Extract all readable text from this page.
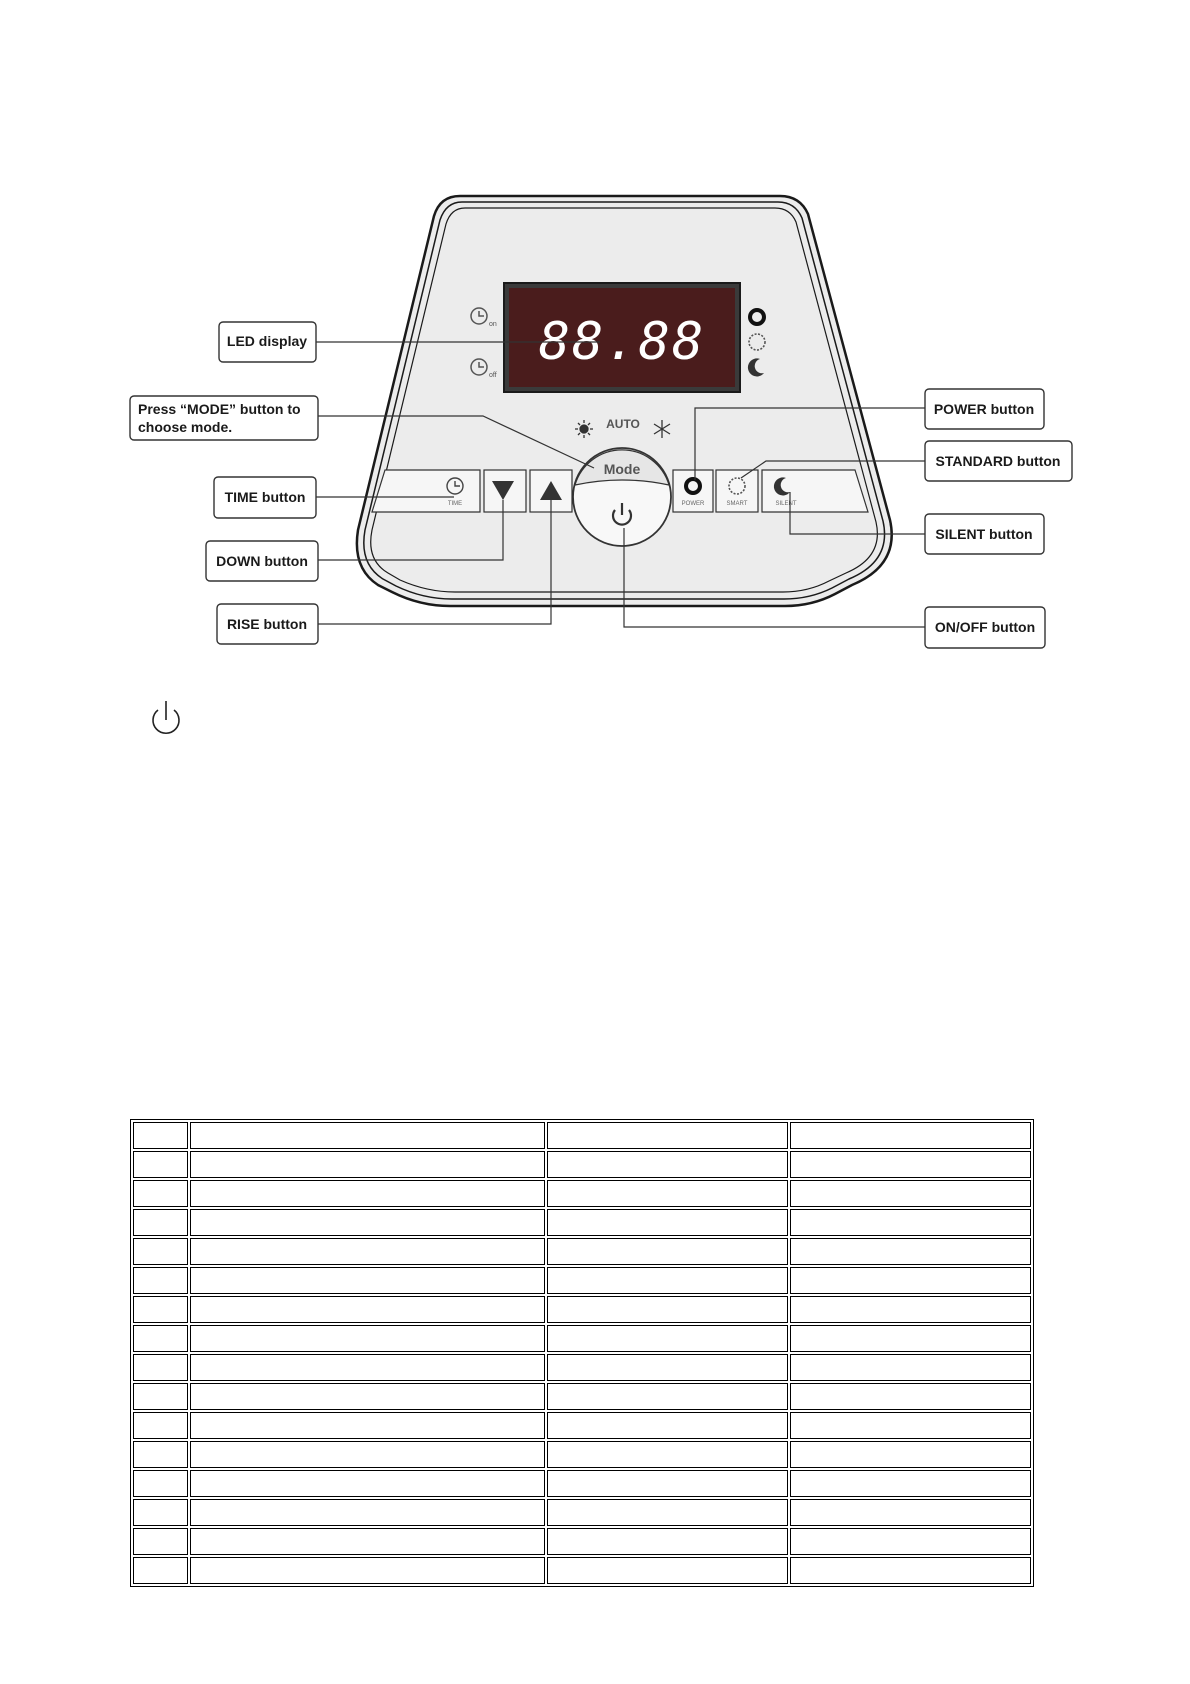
88.88
on
off
AUTO
TIME	POWER	SMART	SILENT
Mode
LED display
Press “MODE” button to
choose mode.
TIME button
DOWN button
RISE button
POWER button
STANDARD button
SILENT button
ON/OFF button
